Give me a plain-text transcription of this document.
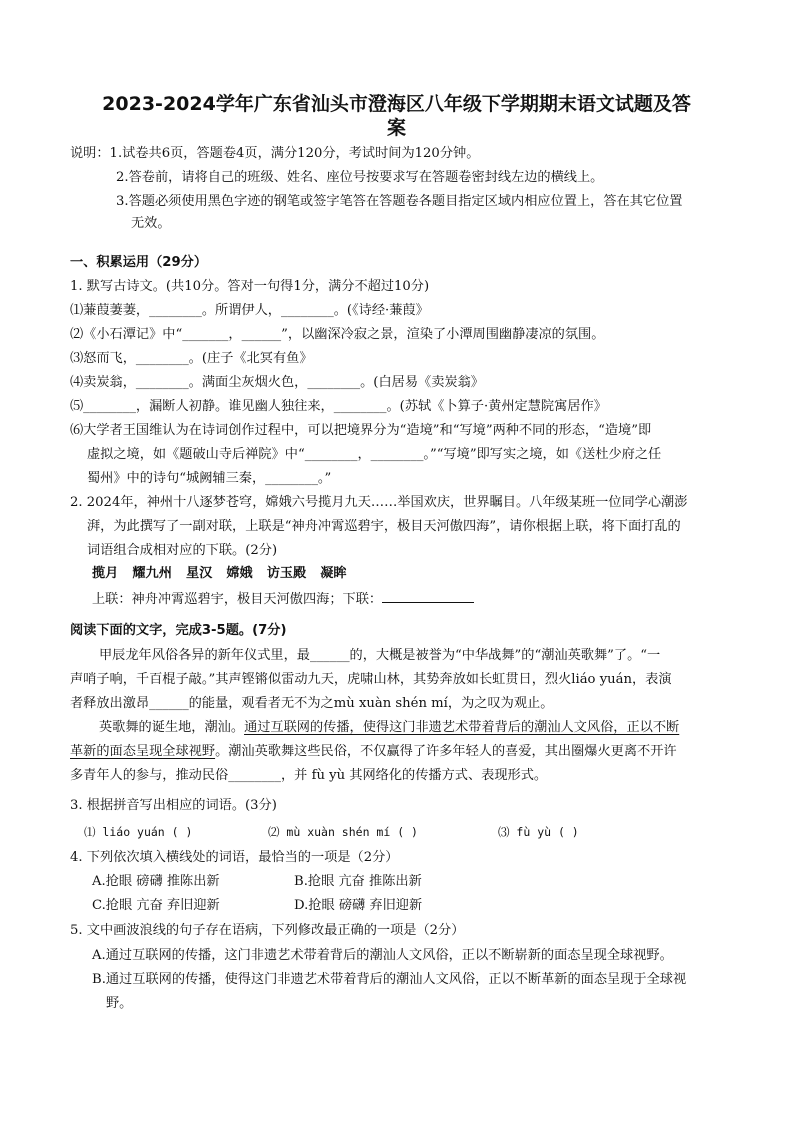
2023-2024学年广东省汕头市澄海区八年级下学期期末语文试题及答
案
说明：1.试卷共6页，答题卷4页，满分120分，考试时间为120分钟。
2.答卷前，请将自己的班级、姓名、座位号按要求写在答题卷密封线左边的横线上。
3.答题必须使用黑色字迹的钢笔或签字笔答在答题卷各题目指定区域内相应位置上，答在其它位置
无效。
一、积累运用（29分）
1. 默写古诗文。(共10分。答对一句得1分，满分不超过10分)
⑴蒹葭萋萋，________。所谓伊人，________。(《诗经·蒹葭》
⑵《小石潭记》中“_______，______”，以幽深冷寂之景，渲染了小潭周围幽静凄凉的氛围。
⑶怒而飞，________。(庄子《北冥有鱼》
⑷卖炭翁，________。满面尘灰烟火色，________。(白居易《卖炭翁》
⑸________，漏断人初静。谁见幽人独往来，________。(苏轼《卜算子·黄州定慧院寓居作》
⑹大学者王国维认为在诗词创作过程中，可以把境界分为“造境”和“写境”两种不同的形态，“造境”即
虚拟之境，如《题破山寺后禅院》中“________，________。”“写境”即写实之境，如《送杜少府之任
蜀州》中的诗句“城阙辅三秦，________。”
2. 2024年，神州十八逐梦苍穹，嫦娥六号揽月九天……举国欢庆，世界瞩目。八年级某班一位同学心潮澎
湃，为此撰写了一副对联，上联是“神舟冲霄巡碧宇，极目天河傲四海”，请你根据上联，将下面打乱的
词语组合成相对应的下联。(2分)
揽月 耀九州 星汉 嫦娥 访玉殿 凝眸
上联：神舟冲霄巡碧宇，极目天河傲四海；下联：
阅读下面的文字，完成3-5题。(7分)
甲辰龙年风俗各异的新年仪式里，最______的，大概是被誉为“中华战舞”的“潮汕英歌舞”了。“一
声哨子响，千百棍子敲。”其声铿锵似雷动九天，虎啸山林，其势奔放如长虹贯日，烈火liáo yuán，表演
者释放出激昂______的能量，观看者无不为之mù xuàn shén mí，为之叹为观止。
英歌舞的诞生地，潮汕。通过互联网的传播，使得这门非遗艺术带着背后的潮汕人文风俗，正以不断
革新的面态呈现全球视野。潮汕英歌舞这些民俗，不仅赢得了许多年轻人的喜爱，其出圈爆火更离不开许
多青年人的参与，推动民俗________，并 fù yù 其网络化的传播方式、表现形式。
3. 根据拼音写出相应的词语。(3分)
⑴ liáo yuán ( )	⑵ mù xuàn shén mí ( )	⑶ fù yù ( )
4. 下列依次填入横线处的词语，最恰当的一项是（2分）
A.抢眼 磅礴 推陈出新	B.抢眼 亢奋 推陈出新
C.抢眼 亢奋 弃旧迎新	D.抢眼 磅礴 弃旧迎新
5. 文中画波浪线的句子存在语病，下列修改最正确的一项是（2分）
A.通过互联网的传播，这门非遗艺术带着背后的潮汕人文风俗，正以不断崭新的面态呈现全球视野。
B.通过互联网的传播，使得这门非遗艺术带着背后的潮汕人文风俗，正以不断革新的面态呈现于全球视
野。
